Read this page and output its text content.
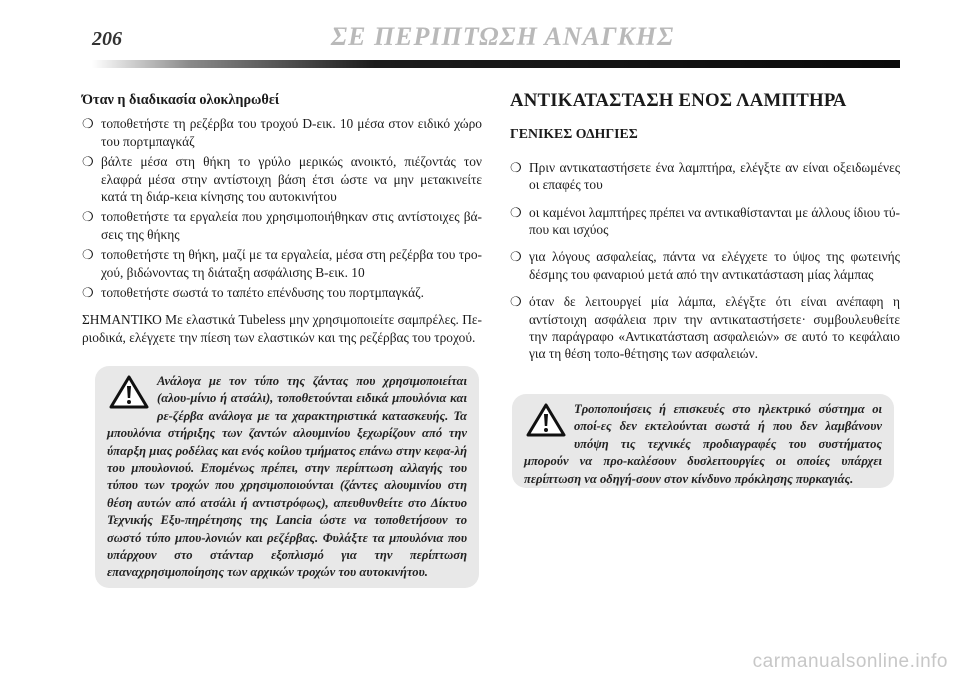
206	ΣΕ ΠΕΡΙΠΤΩΣΗ ΑΝΑΓΚΗΣ
Όταν η διαδικασία ολοκληρωθεί
❍ τοποθετήστε τη ρεζέρβα του τροχού D-εικ. 10 μέσα στον ειδικό χώρο του πορτμπαγκάζ
❍ βάλτε μέσα στη θήκη το γρύλο μερικώς ανοικτό, πιέζοντάς τον ελαφρά μέσα στην αντίστοιχη βάση έτσι ώστε να μην μετακινείτε κατά τη διάρ-κεια κίνησης του αυτοκινήτου
❍ τοποθετήστε τα εργαλεία που χρησιμοποιήθηκαν στις αντίστοιχες βά-σεις της θήκης
❍ τοποθετήστε τη θήκη, μαζί με τα εργαλεία, μέσα στη ρεζέρβα του τρο-χού, βιδώνοντας τη διάταξη ασφάλισης B-εικ. 10
❍ τοποθετήστε σωστά το ταπέτο επένδυσης του πορτμπαγκάζ.

ΣΗΜΑΝΤΙΚΟ Με ελαστικά Tubeless μην χρησιμοποιείτε σαμπρέλες. Πε-ριοδικά, ελέγχετε την πίεση των ελαστικών και της ρεζέρβας του τροχού.

Ανάλογα με τον τύπο της ζάντας που χρησιμοποιείται (αλου-μίνιο ή ατσάλι), τοποθετούνται ειδικά μπουλόνια και ρε-ζέρβα ανάλογα με τα χαρακτηριστικά κατασκευής. Τα μπουλόνια στήριξης των ζαντών αλουμινίου ξεχωρίζουν από την ύπαρξη μιας ροδέλας και ενός κοίλου τμήματος επάνω στην κεφα-λή του μπουλονιού. Επομένως πρέπει, στην περίπτωση αλλαγής του τύπου των τροχών που χρησιμοποιούνται (ζάντες αλουμινίου στη θέση αυτών από ατσάλι ή αντιστρόφως), απευθυνθείτε στο Δίκτυο Τεχνικής Εξυ-πηρέτησης της Lancia ώστε να τοποθετήσουν το σωστό τύπο μπου-λονιών και ρεζέρβας. Φυλάξτε τα μπουλόνια που υπάρχουν στο στάνταρ εξοπλισμό για την περίπτωση επαναχρησιμοποίησης των αρχικών τροχών του αυτοκινήτου.
ΑΝΤΙΚΑΤΑΣΤΑΣΗ ΕΝΟΣ ΛΑΜΠΤΗΡΑ
ΓΕΝΙΚΕΣ ΟΔΗΓΙΕΣ
❍ Πριν αντικαταστήσετε ένα λαμπτήρα, ελέγξτε αν είναι οξειδωμένες οι επαφές του
❍ οι καμένοι λαμπτήρες πρέπει να αντικαθίστανται με άλλους ίδιου τύ-που και ισχύος
❍ για λόγους ασφαλείας, πάντα να ελέγχετε το ύψος της φωτεινής δέσμης του φαναριού μετά από την αντικατάσταση μίας λάμπας
❍ όταν δε λειτουργεί μία λάμπα, ελέγξτε ότι είναι ανέπαφη η αντίστοιχη ασφάλεια πριν την αντικαταστήσετε· συμβουλευθείτε την παράγραφο «Αντικατάσταση ασφαλειών» σε αυτό το κεφάλαιο για τη θέση τοπο-θέτησης των ασφαλειών.
Τροποποιήσεις ή επισκευές στο ηλεκτρικό σύστημα οι οποί-ες δεν εκτελούνται σωστά ή που δεν λαμβάνουν υπόψη τις τεχνικές προδιαγραφές του συστήματος μπορούν να προ-καλέσουν δυσλειτουργίες οι οποίες υπάρχει περίπτωση να οδηγή-σουν στον κίνδυνο πρόκλησης πυρκαγιάς.
carmanualsonline.info
